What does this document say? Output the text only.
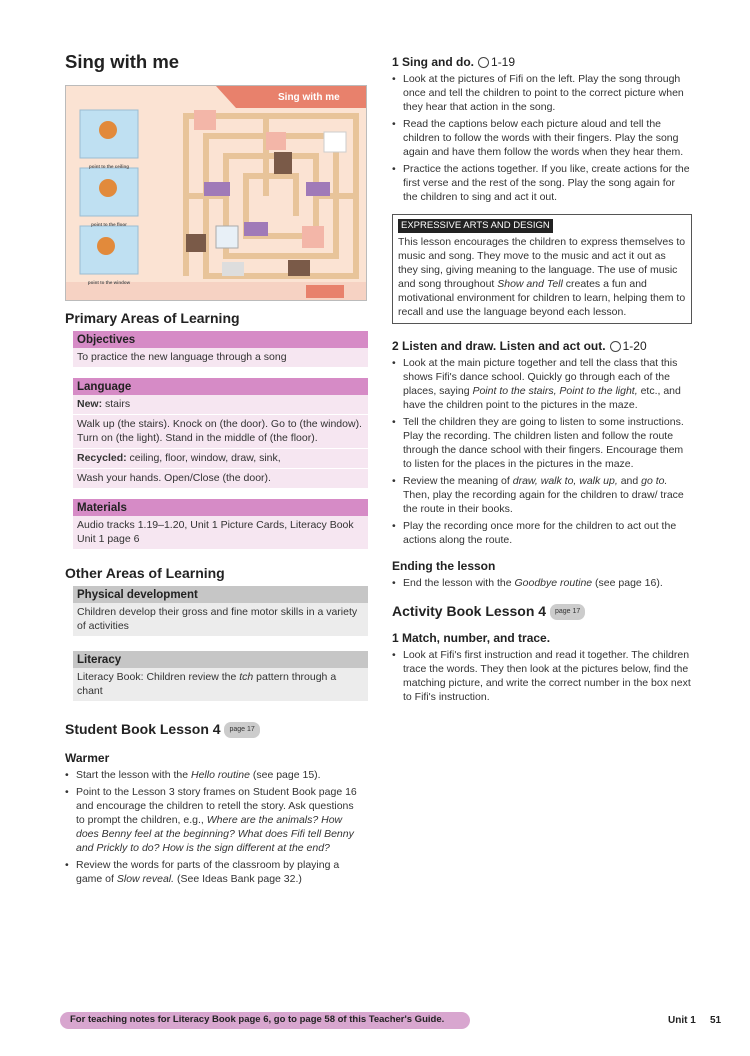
Sing with me
Sing with me
point to the ceiling
point to the floor
point to the window
Primary Areas of Learning
Objectives
To practice the new language through a song
Language
New: stairs
Walk up (the stairs). Knock on (the door). Go to (the window). Turn on (the light). Stand in the middle of (the floor).
Recycled: ceiling, floor, window, draw, sink,
Wash your hands. Open/Close (the door).
Materials
Audio tracks 1.19–1.20, Unit 1 Picture Cards, Literacy Book Unit 1 page 6
Other Areas of Learning
Physical development
Children develop their gross and fine motor skills in a variety of activities
Literacy
Literacy Book: Children review the tch pattern through a chant
Student Book Lesson 4 page 17
Warmer
• Start the lesson with the Hello routine (see page 15).
• Point to the Lesson 3 story frames on Student Book page 16 and encourage the children to retell the story. Ask questions to prompt the children, e.g., Where are the animals? How does Benny feel at the beginning? What does Fifi tell Benny and Prickly to do? How is the sign different at the end?
• Review the words for parts of the classroom by playing a game of Slow reveal. (See Ideas Bank page 32.)
1 Sing and do. 1-19
• Look at the pictures of Fifi on the left. Play the song through once and tell the children to point to the correct picture when they hear that action in the song.
• Read the captions below each picture aloud and tell the children to follow the words with their fingers. Play the song again and have them follow the words when they hear them.
• Practice the actions together. If you like, create actions for the first verse and the rest of the song. Play the song again for the children to sing and act it out.
EXPRESSIVE ARTS AND DESIGN
This lesson encourages the children to express themselves to music and song. They move to the music and act it out as they sing, giving meaning to the language. The use of music and song throughout Show and Tell creates a fun and motivational environment for children to learn, helping them to recall and use the language beyond each lesson.
2 Listen and draw. Listen and act out. 1-20
• Look at the main picture together and tell the class that this shows Fifi's dance school. Quickly go through each of the places, saying Point to the stairs, Point to the light, etc., and have the children point to the pictures in the maze.
• Tell the children they are going to listen to some instructions. Play the recording. The children listen and follow the route through the dance school with their fingers. Encourage them to listen for the places in the pictures in the maze.
• Review the meaning of draw, walk to, walk up, and go to. Then, play the recording again for the children to draw/ trace the route in their books.
• Play the recording once more for the children to act out the actions along the route.
Ending the lesson
• End the lesson with the Goodbye routine (see page 16).
Activity Book Lesson 4 page 17
1 Match, number, and trace.
• Look at Fifi's first instruction and read it together. The children trace the words. They then look at the pictures below, find the matching picture, and write the correct number in the box next to Fifi's instruction.
For teaching notes for Literacy Book page 6, go to page 58 of this Teacher's Guide.	Unit 1 51
